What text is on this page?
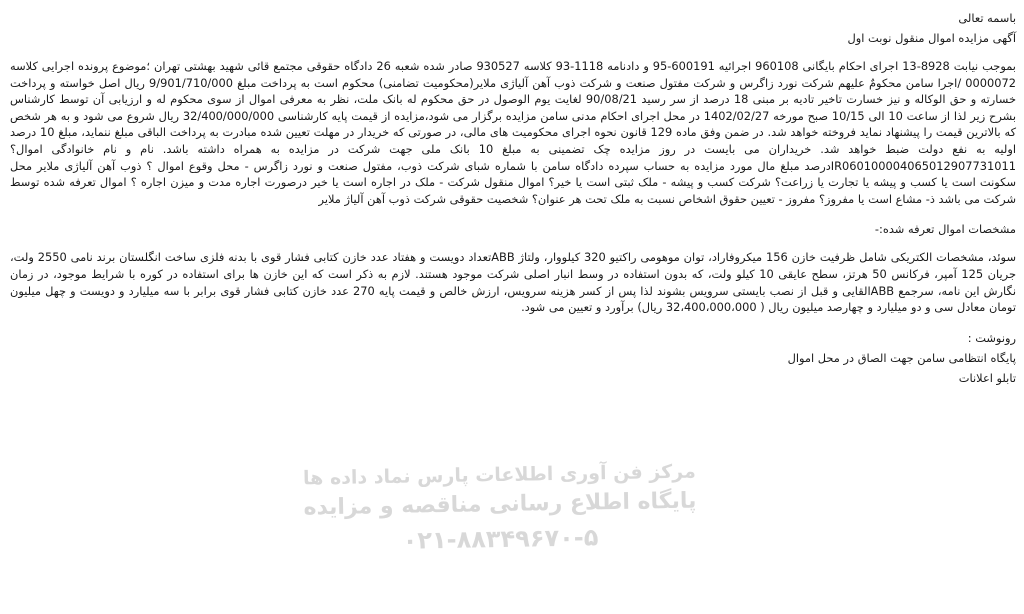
باسمه تعالی
آگهی مزایده اموال منقول نوبت اول

بموجب نیابت 8928-13 اجرای احکام بایگانی 960108 اجرائیه 600191-95 و دادنامه 1118-93 کلاسه 930527 صادر شده شعبه 26 دادگاه حقوقی مجتمع قائی شهید بهشتی تهران ؛موضوع پرونده اجرایی کلاسه 0000072 /اجرا سامن محکومٌ علیهم شرکت نورد زاگرس و شرکت مفتول صنعت و شرکت ذوب آهن آلیاژی ملایر(محکومیت تضامنی) محکوم است به پرداخت مبلغ 9/901/710/000 ریال اصل خواسته و پرداخت خسارته و حق الوکاله و نیز خسارت تاخیر تادیه بر مبنی 18 درصد از سر رسید 90/08/21 لغایت یوم الوصول در حق محکوم له بانک ملت، نظر به معرفی اموال از سوی محکوم له و ارزیابی آن توسط کارشناس بشرح زیر لذا از ساعت 10 الی 10/15 صبح مورخه 1402/02/27 در محل اجرای احکام مدنی سامن مزایده برگزار می شود،مزایده از قیمت پایه کارشناسی 32/400/000/000 ریال شروع می شود و به هر شخص که بالاترین قیمت را پیشنهاد نماید فروخته خواهد شد. در ضمن وفق ماده 129 قانون نحوه اجرای محکومیت های مالی، در صورتی که خریدار در مهلت تعیین شده مبادرت به پرداخت الباقی مبلغ ننماید، مبلغ 10 درصد اولیه به نفع دولت ضبط خواهد شد. خریداران می بایست در روز مزایده چک تضمینی به مبلغ 10 بانک ملی جهت شرکت در مزایده به همراه داشته باشد. نام و نام خانوادگی اموال؟ IR060100004065012907731011درصد مبلغ مال مورد مزایده به حساب سپرده دادگاه سامن با شماره شبای شرکت ذوب، مفتول صنعت و نورد زاگرس - محل وقوع اموال ؟ ذوب آهن آلیاژی ملایر محل سکونت است یا کسب و پیشه یا تجارت یا زراعت؟ شرکت کسب و پیشه - ملک ثبتی است یا خیر؟ اموال منقول شرکت - ملک در اجاره است یا خیر درصورت اجاره مدت و میزن اجاره ؟ اموال تعرفه شده توسط شرکت می باشد ذ- مشاع است یا مفروز؟ مفروز - تعیین حقوق اشخاص نسبت به ملک تحت هر عنوان؟ شخصیت حقوقی شرکت ذوب آهن آلیاژ ملایر

مشخصات اموال تعرفه شده:-

سوئد، مشخصات الکتریکی شامل ظرفیت خازن 156 میکروفاراد، توان موهومی راکتیو 320 کیلووار، ولتاژ ABBتعداد دویست و هفتاد عدد خازن کتابی فشار قوی با بدنه فلزی ساخت انگلستان برند نامی 2550 ولت، جریان 125 آمپر، فرکانس 50 هرتز، سطح عایقی 10 کیلو ولت، که بدون استفاده در وسط انبار اصلی شرکت موجود هستند. لازم به ذکر است که این خازن ها برای استفاده در کوره با شرایط موجود، در زمان نگارش این نامه، سرجمع ABBالقایی و قبل از نصب بایستی سرویس بشوند لذا پس از کسر هزینه سرویس، ارزش خالص و قیمت پایه 270 عدد خازن کتابی فشار قوی برابر با سه میلیارد و دویست و چهل میلیون تومان معادل سی و دو میلیارد و چهارصد میلیون ریال ( 32،400،000،000 ریال) برآورد و تعیین می شود.

رونوشت :
پایگاه انتظامی سامن جهت الصاق در محل اموال
تابلو اعلانات
مرکز فن آوری اطلاعات پارس نماد داده ها
پایگاه اطلاع رسانی مناقصه و مزایده
۰۲۱-۸۸۳۴۹۶۷۰-۵
